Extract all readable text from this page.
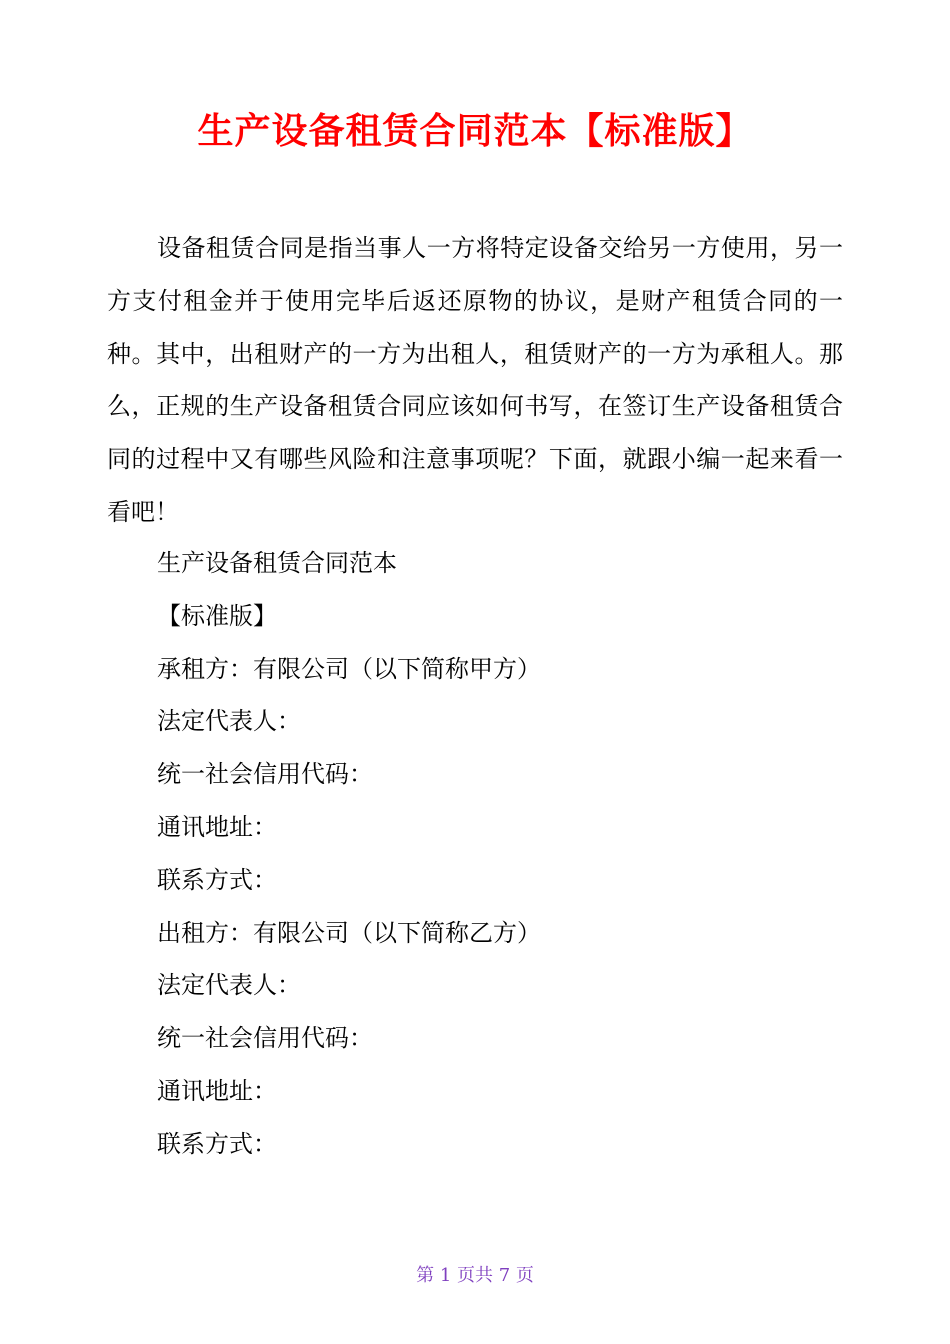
生产设备租赁合同范本【标准版】

设备租赁合同是指当事人一方将特定设备交给另一方使用，另一方支付租金并于使用完毕后返还原物的协议，是财产租赁合同的一种。其中，出租财产的一方为出租人，租赁财产的一方为承租人。那么，正规的生产设备租赁合同应该如何书写，在签订生产设备租赁合同的过程中又有哪些风险和注意事项呢？下面，就跟小编一起来看一看吧！

生产设备租赁合同范本
【标准版】
承租方：有限公司（以下简称甲方）
法定代表人：
统一社会信用代码：
通讯地址：
联系方式：
出租方：有限公司（以下简称乙方）
法定代表人：
统一社会信用代码：
通讯地址：
联系方式：
第 1 页共 7 页
